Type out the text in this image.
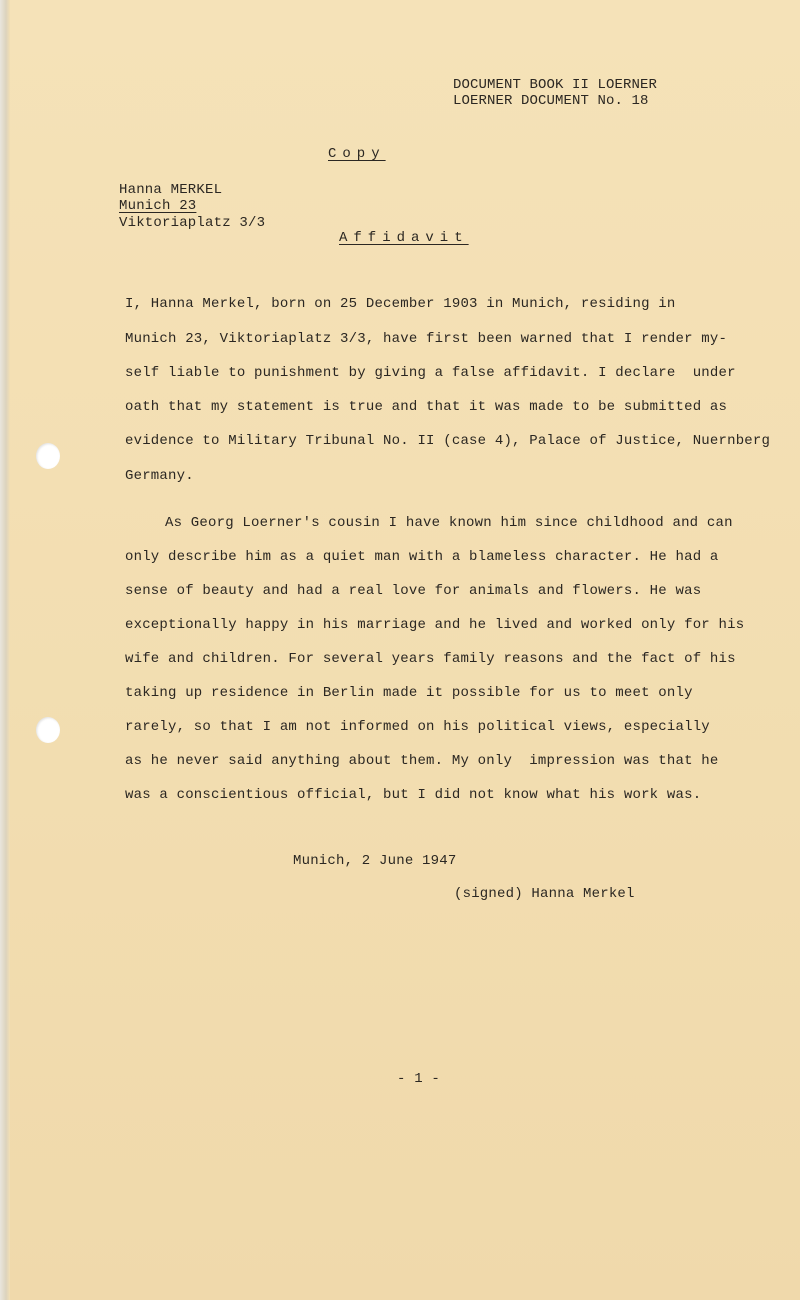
DOCUMENT BOOK II LOERNER
LOERNER DOCUMENT No. 18
Copy
Hanna MERKEL
Munich 23
Viktoriaplatz 3/3
Affidavit
I, Hanna Merkel, born on 25 December 1903 in Munich, residing in
Munich 23, Viktoriaplatz 3/3, have first been warned that I render my-
self liable to punishment by giving a false affidavit. I declare  under
oath that my statement is true and that it was made to be submitted as
evidence to Military Tribunal No. II (case 4), Palace of Justice, Nuernberg
Germany.
As Georg Loerner's cousin I have known him since childhood and can
only describe him as a quiet man with a blameless character. He had a
sense of beauty and had a real love for animals and flowers. He was
exceptionally happy in his marriage and he lived and worked only for his
wife and children. For several years family reasons and the fact of his
taking up residence in Berlin made it possible for us to meet only
rarely, so that I am not informed on his political views, especially
as he never said anything about them. My only  impression was that he
was a conscientious official, but I did not know what his work was.
Munich, 2 June 1947
(signed) Hanna Merkel
- 1 -
